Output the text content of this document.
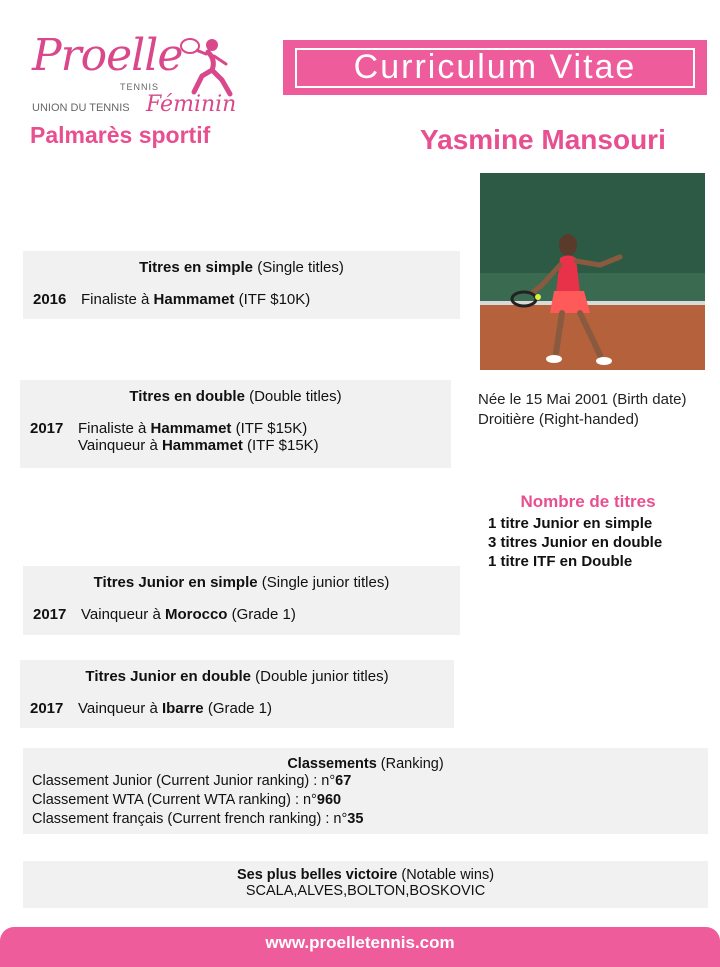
Proelle
TENNIS
UNION DU TENNIS Féminin
Curriculum Vitae
Palmarès sportif	Yasmine Mansouri
Née le 15 Mai 2001 (Birth date)
Droitière (Right-handed)
Nombre de titres
1 titre Junior en simple
3 titres Junior en double
1 titre ITF en Double
Titres en simple (Single titles)
2016 Finaliste à Hammamet (ITF $10K)
Titres en double (Double titles)
2017 Finaliste à Hammamet (ITF $15K)
Vainqueur à Hammamet (ITF $15K)
Titres Junior en simple (Single junior titles)
2017 Vainqueur à Morocco (Grade 1)
Titres Junior en double (Double junior titles)
2017 Vainqueur à Ibarre (Grade 1)
Classements (Ranking)
Classement Junior (Current Junior ranking) : n°67
Classement WTA (Current WTA ranking) : n°960
Classement français (Current french ranking) : n°35
Ses plus belles victoire (Notable wins)
SCALA,ALVES,BOLTON,BOSKOVIC
www.proelletennis.com
